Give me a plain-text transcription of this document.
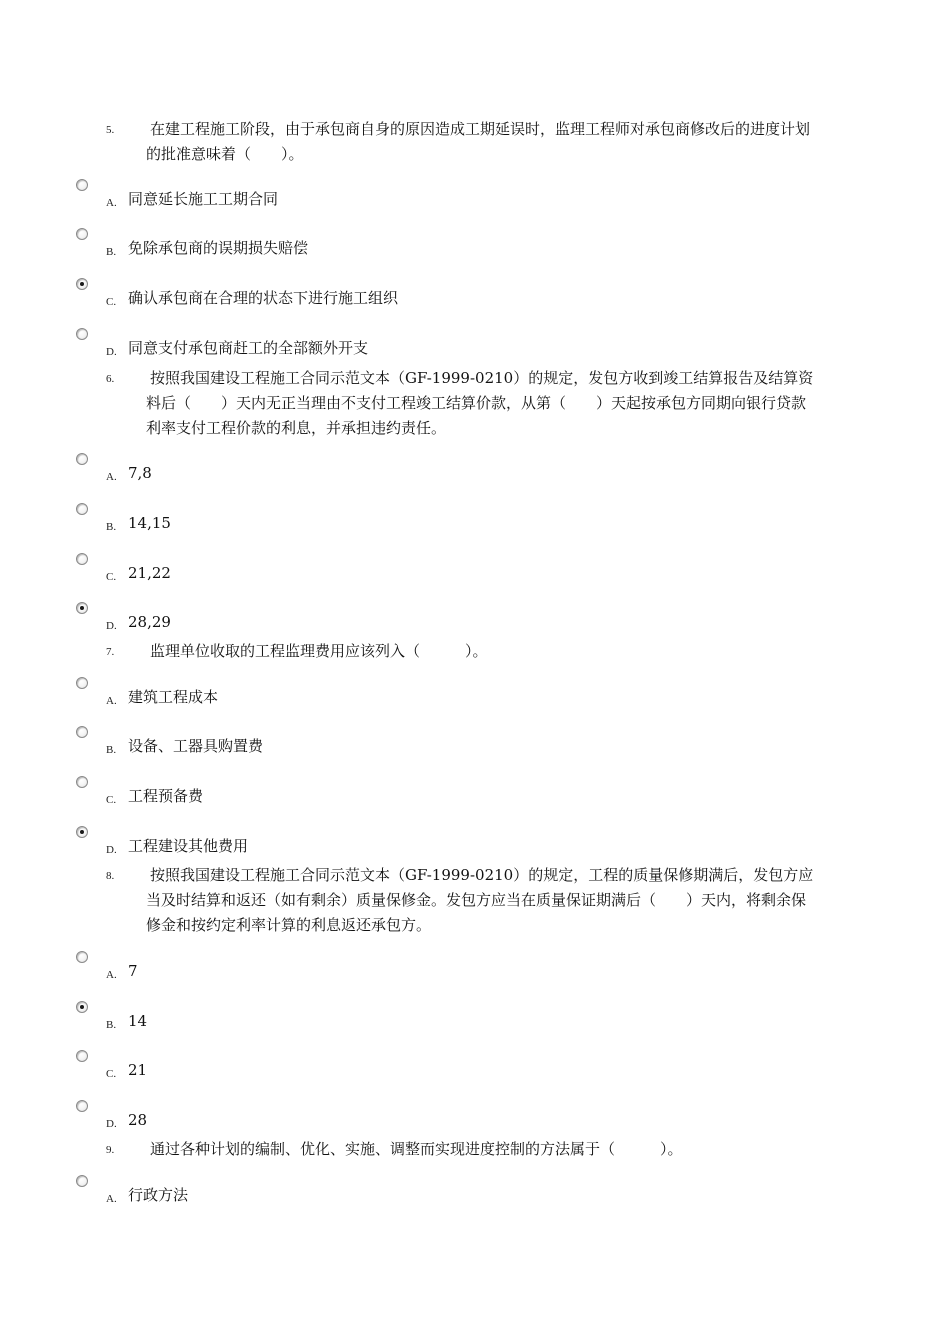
5. 在建工程施工阶段，由于承包商自身的原因造成工期延误时，监理工程师对承包商修改后的进度计划的批准意味着（　　）。
A. 同意延长施工工期合同
B. 免除承包商的误期损失赔偿
C. 确认承包商在合理的状态下进行施工组织
D. 同意支付承包商赶工的全部额外开支
6. 按照我国建设工程施工合同示范文本（GF-1999-0210）的规定，发包方收到竣工结算报告及结算资料后（　　）天内无正当理由不支付工程竣工结算价款，从第（　　）天起按承包方同期向银行贷款利率支付工程价款的利息，并承担违约责任。
A. 7,8
B. 14,15
C. 21,22
D. 28,29
7. 监理单位收取的工程监理费用应该列入（　　　）。
A. 建筑工程成本
B. 设备、工器具购置费
C. 工程预备费
D. 工程建设其他费用
8. 按照我国建设工程施工合同示范文本（GF-1999-0210）的规定，工程的质量保修期满后，发包方应当及时结算和返还（如有剩余）质量保修金。发包方应当在质量保证期满后（　　）天内，将剩余保修金和按约定利率计算的利息返还承包方。
A. 7
B. 14
C. 21
D. 28
9. 通过各种计划的编制、优化、实施、调整而实现进度控制的方法属于（　　　）。
A. 行政方法
